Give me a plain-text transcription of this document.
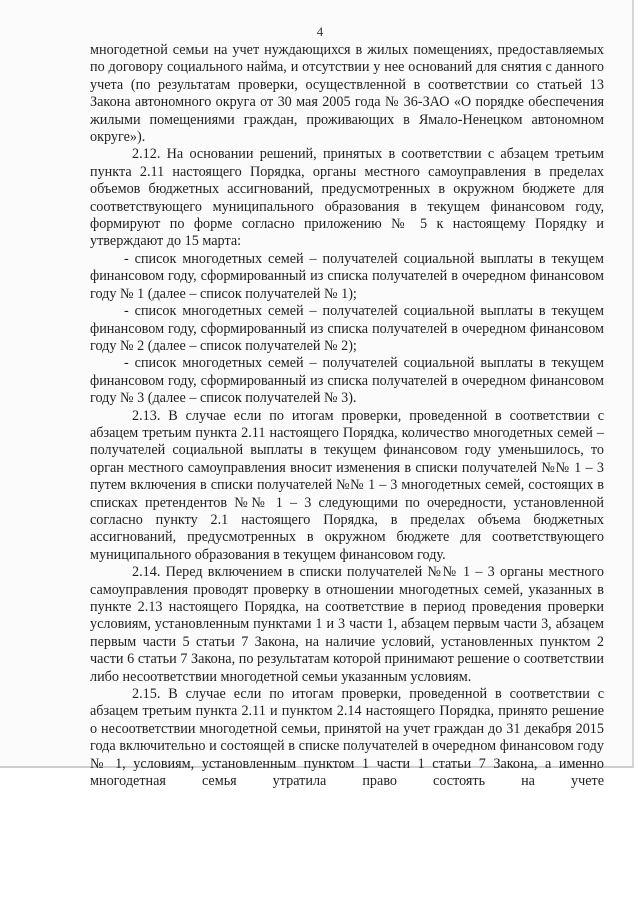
4

многодетной семьи на учет нуждающихся в жилых помещениях, предоставляемых по договору социального найма, и отсутствии у нее оснований для снятия с данного учета (по результатам проверки, осуществленной в соответствии со статьей 13 Закона автономного округа от 30 мая 2005 года № 36-ЗАО «О порядке обеспечения жилыми помещениями граждан, проживающих в Ямало-Ненецком автономном округе»).

2.12. На основании решений, принятых в соответствии с абзацем третьим пункта 2.11 настоящего Порядка, органы местного самоуправления в пределах объемов бюджетных ассигнований, предусмотренных в окружном бюджете для соответствующего муниципального образования в текущем финансовом году, формируют по форме согласно приложению № 5 к настоящему Порядку и утверждают до 15 марта:

- список многодетных семей – получателей социальной выплаты в текущем финансовом году, сформированный из списка получателей в очередном финансовом году № 1 (далее – список получателей № 1);

- список многодетных семей – получателей социальной выплаты в текущем финансовом году, сформированный из списка получателей в очередном финансовом году № 2 (далее – список получателей № 2);

- список многодетных семей – получателей социальной выплаты в текущем финансовом году, сформированный из списка получателей в очередном финансовом году № 3 (далее – список получателей № 3).

2.13. В случае если по итогам проверки, проведенной в соответствии с абзацем третьим пункта 2.11 настоящего Порядка, количество многодетных семей – получателей социальной выплаты в текущем финансовом году уменьшилось, то орган местного самоуправления вносит изменения в списки получателей №№ 1 – 3 путем включения в списки получателей №№ 1 – 3 многодетных семей, состоящих в списках претендентов №№ 1 – 3 следующими по очередности, установленной согласно пункту 2.1 настоящего Порядка, в пределах объема бюджетных ассигнований, предусмотренных в окружном бюджете для соответствующего муниципального образования в текущем финансовом году.

2.14. Перед включением в списки получателей №№ 1 – 3 органы местного самоуправления проводят проверку в отношении многодетных семей, указанных в пункте 2.13 настоящего Порядка, на соответствие в период проведения проверки условиям, установленным пунктами 1 и 3 части 1, абзацем первым части 3, абзацем первым части 5 статьи 7 Закона, на наличие условий, установленных пунктом 2 части 6 статьи 7 Закона, по результатам которой принимают решение о соответствии либо несоответствии многодетной семьи указанным условиям.

2.15. В случае если по итогам проверки, проведенной в соответствии с абзацем третьим пункта 2.11 и пунктом 2.14 настоящего Порядка, принято решение о несоответствии многодетной семьи, принятой на учет граждан до 31 декабря 2015 года включительно и состоящей в списке получателей в очередном финансовом году № 1, условиям, установленным пунктом 1 части 1 статьи 7 Закона, а именно многодетная семья утратила право состоять на учете
